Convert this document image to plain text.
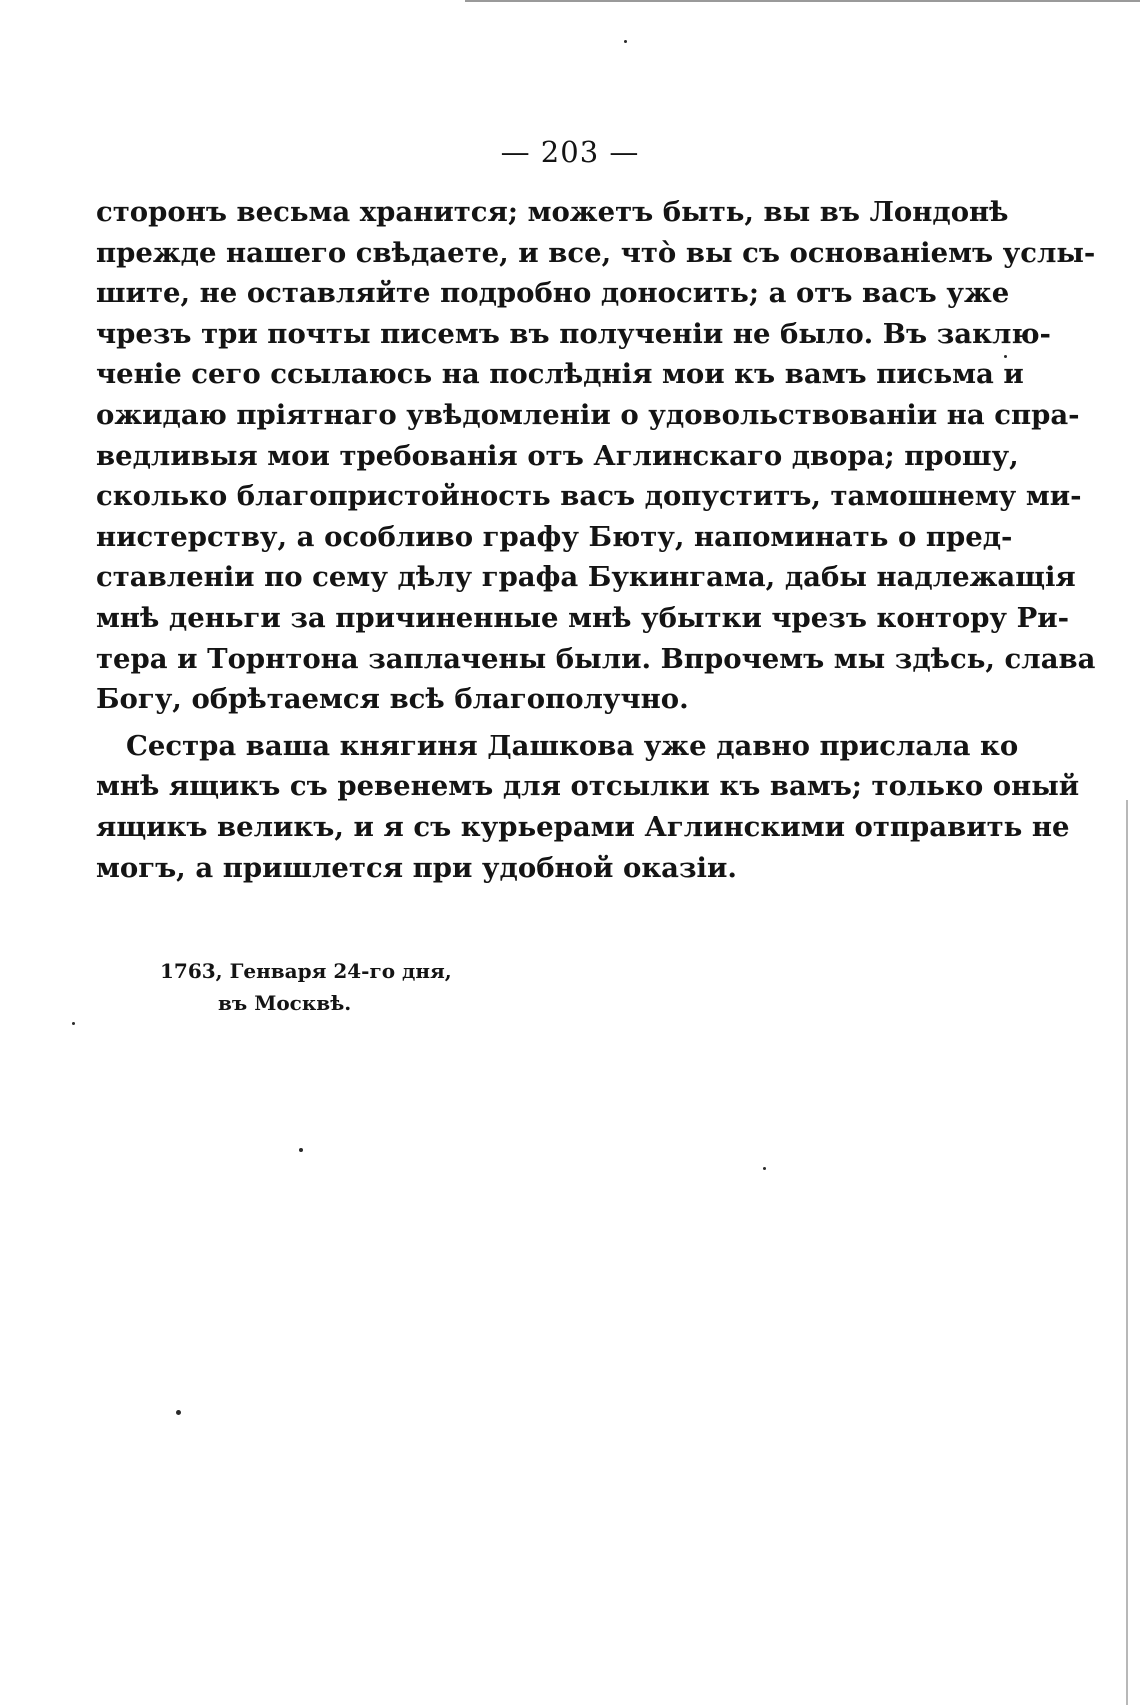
— 203 —
сторонъ весьма хранится; можетъ быть, вы въ Лондонѣ
прежде нашего свѣдаете, и все, чтò вы съ основаніемъ услы-
шите, не оставляйте подробно доносить; а отъ васъ уже
чрезъ три почты писемъ въ полученіи не было. Въ заклю-
ченіе сего ссылаюсь на послѣднія мои къ вамъ письма и
ожидаю пріятнаго увѣдомленіи о удовольствованіи на спра-
ведливыя мои требованія отъ Аглинскаго двора; прошу,
сколько благопристойность васъ допуститъ, тамошнему ми-
нистерству, а особливо графу Бюту, напоминать о пред-
ставленіи по сему дѣлу графа Букингама, дабы надлежащія
мнѣ деньги за причиненные мнѣ убытки чрезъ контору Ри-
тера и Торнтона заплачены были. Впрочемъ мы здѣсь, слава
Богу, обрѣтаемся всѣ благополучно.
Сестра ваша княгиня Дашкова уже давно прислала ко
мнѣ ящикъ съ ревенемъ для отсылки къ вамъ; только оный
ящикъ великъ, и я съ курьерами Аглинскими отправить не
могъ, а пришлется при удобной оказіи.
1763, Генваря 24-го дня,
въ Москвѣ.
